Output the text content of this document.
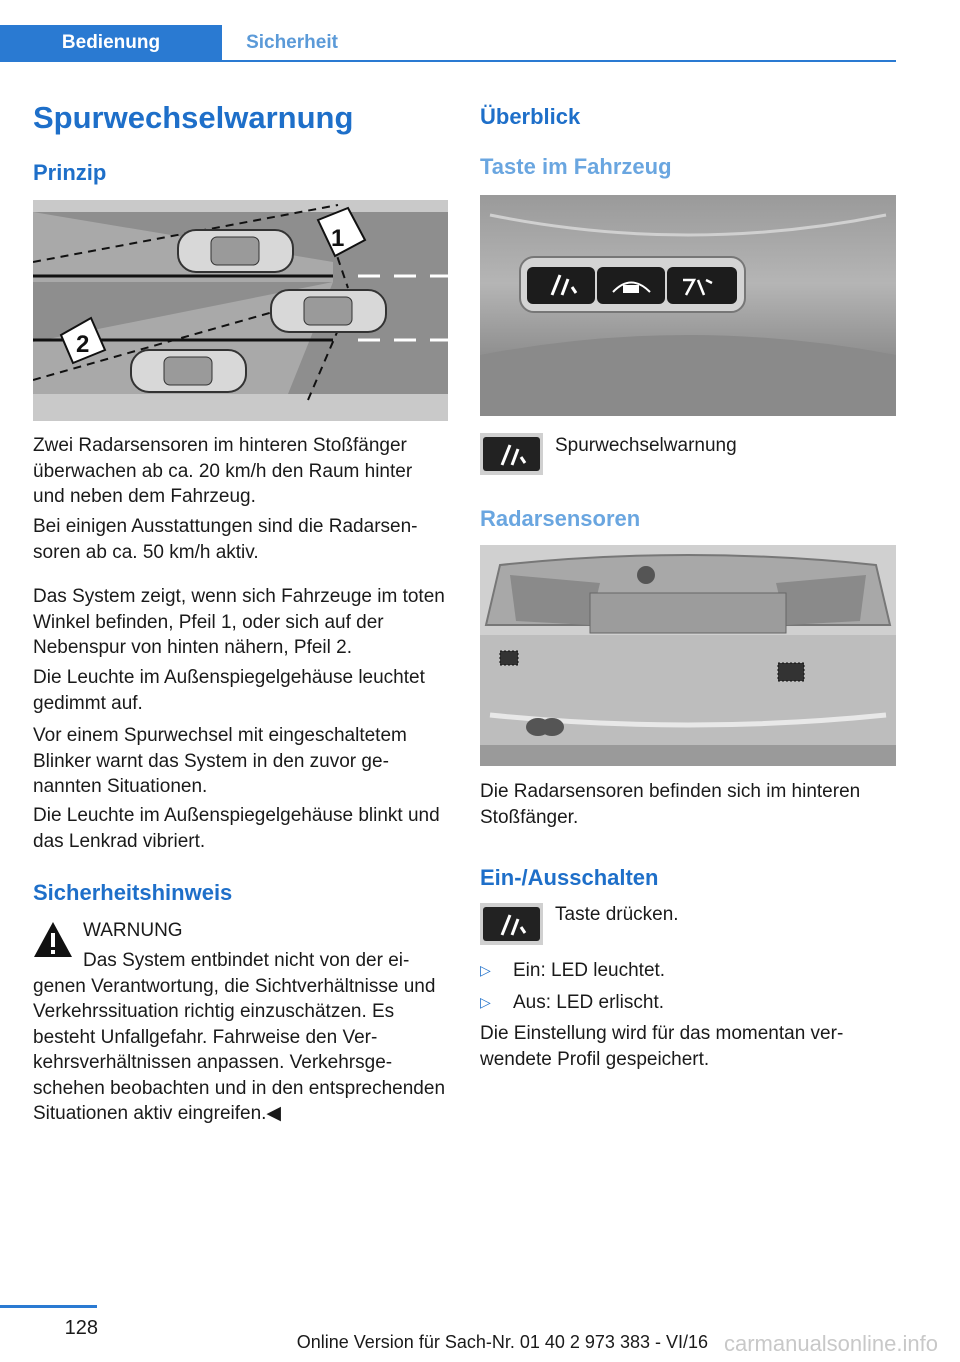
Bedienung	Sicherheit
Spurwechselwarnung
Prinzip
1
2
Zwei Radarsensoren im hinteren Stoßfänger überwachen ab ca. 20 km/h den Raum hinter und neben dem Fahrzeug.
Bei einigen Ausstattungen sind die Radarsensoren ab ca. 50 km/h aktiv.
Das System zeigt, wenn sich Fahrzeuge im toten Winkel befinden, Pfeil 1, oder sich auf der Nebenspur von hinten nähern, Pfeil 2.
Die Leuchte im Außenspiegelgehäuse leuchtet gedimmt auf.
Vor einem Spurwechsel mit eingeschaltetem Blinker warnt das System in den zuvor genannten Situationen.
Die Leuchte im Außenspiegelgehäuse blinkt und das Lenkrad vibriert.
Sicherheitshinweis
WARNUNG
Das System entbindet nicht von der eigenen Verantwortung, die Sichtverhältnisse und Verkehrssituation richtig einzuschätzen. Es besteht Unfallgefahr. Fahrweise den Verkehrsverhältnissen anpassen. Verkehrsgeschehen beobachten und in den entsprechenden Situationen aktiv eingreifen.◀
Überblick
Taste im Fahrzeug
Spurwechselwarnung
Radarsensoren
Die Radarsensoren befinden sich im hinteren Stoßfänger.
Ein-/Ausschalten
Taste drücken.
▷ Ein: LED leuchtet.
▷ Aus: LED erlischt.
Die Einstellung wird für das momentan verwendete Profil gespeichert.
128
Online Version für Sach-Nr. 01 40 2 973 383 - VI/16 carmanualsonline.info
